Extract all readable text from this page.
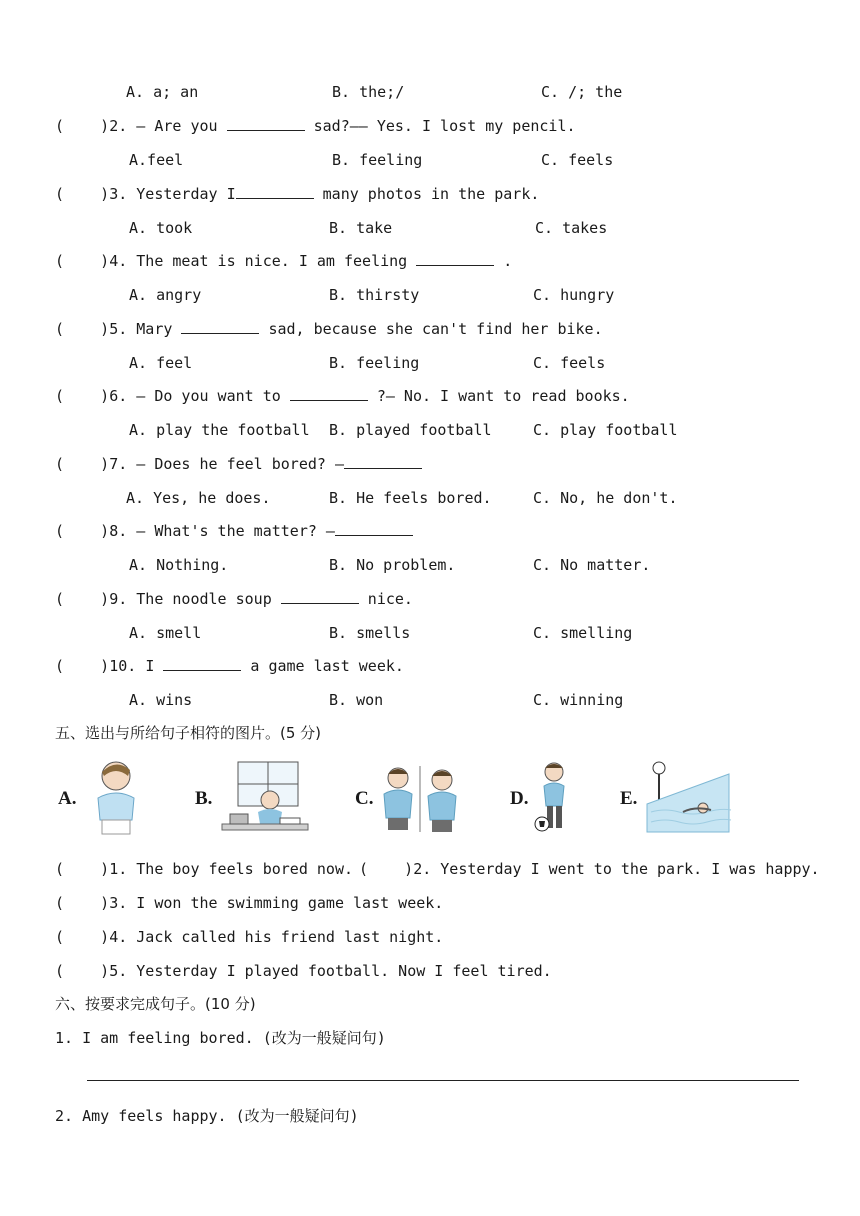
A. a; an	B. the;/	C. /; the
(    )2. — Are you	sad?—— Yes. I lost my pencil.
A.feel	B. feeling	C. feels
(    )3. Yesterday I	many photos in the park.
A. took	B. take	C. takes
(    )4. The meat is nice. I am feeling	.
A. angry	B. thirsty	C. hungry
(    )5. Mary	sad, because she can't find her bike.
A. feel	B. feeling	C. feels
(    )6. — Do you want to	?— No. I want to read books.
A. play the football B. played football	C. play football
(    )7. — Does he feel bored? —
A. Yes, he does.	B. He feels bored.	C. No, he don't.
(    )8. — What's the matter? —
A. Nothing.	B. No problem.	C. No matter.
(    )9. The noodle soup	nice.
A. smell	B. smells	C. smelling
(    )10. I	a game last week.
A. wins	B. won	C. winning
五、选出与所给句子相符的图片。(5 分)
A.	B.	C.	D.	E.
(    )1. The boy feels bored now. (    )2. Yesterday I went to the park. I was happy.
(    )3. I won the swimming game last week.
(    )4. Jack called his friend last night.
(    )5. Yesterday I played football. Now I feel tired.
六、按要求完成句子。(10 分)
1. I am feeling bored. (改为一般疑问句)
2. Amy feels happy. (改为一般疑问句)
